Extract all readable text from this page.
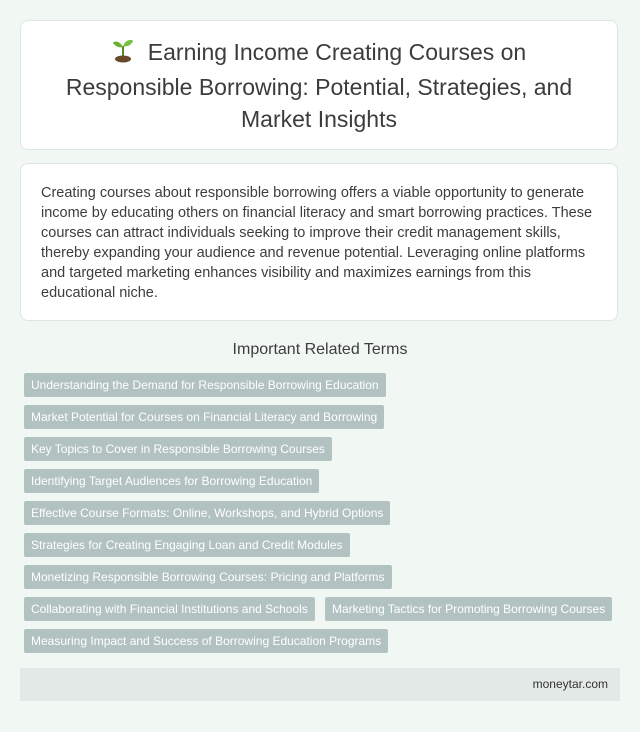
Earning Income Creating Courses on Responsible Borrowing: Potential, Strategies, and Market Insights

Creating courses about responsible borrowing offers a viable opportunity to generate income by educating others on financial literacy and smart borrowing practices. These courses can attract individuals seeking to improve their credit management skills, thereby expanding your audience and revenue potential. Leveraging online platforms and targeted marketing enhances visibility and maximizes earnings from this educational niche.

Important Related Terms
Understanding the Demand for Responsible Borrowing Education
Market Potential for Courses on Financial Literacy and Borrowing
Key Topics to Cover in Responsible Borrowing Courses
Identifying Target Audiences for Borrowing Education
Effective Course Formats: Online, Workshops, and Hybrid Options
Strategies for Creating Engaging Loan and Credit Modules
Monetizing Responsible Borrowing Courses: Pricing and Platforms
Collaborating with Financial Institutions and Schools	Marketing Tactics for Promoting Borrowing Courses
Measuring Impact and Success of Borrowing Education Programs
moneytar.com
